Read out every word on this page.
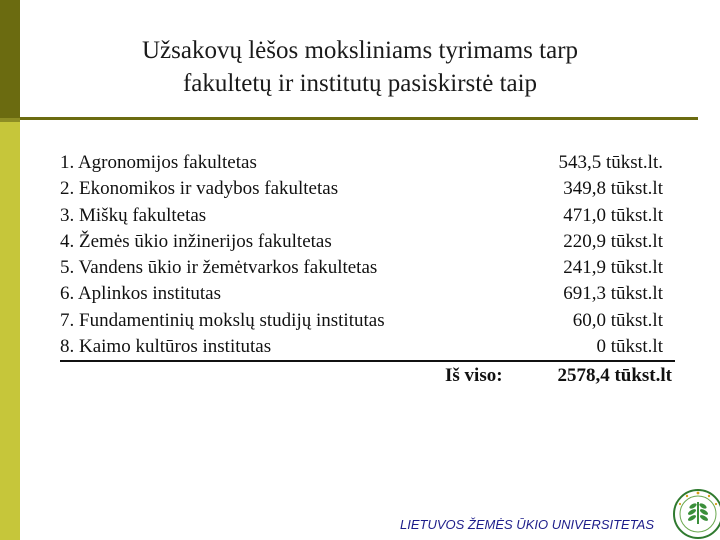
Užsakovų lėšos moksliniams tyrimams tarp
fakultetų ir institutų pasiskirstė taip
1. Agronomijos fakultetas	543,5 tūkst.lt.
2. Ekonomikos ir vadybos fakultetas	349,8 tūkst.lt
3. Miškų fakultetas	471,0 tūkst.lt
4. Žemės ūkio inžinerijos fakultetas	220,9 tūkst.lt
5. Vandens ūkio ir žemėtvarkos fakultetas	241,9 tūkst.lt
6. Aplinkos institutas	691,3 tūkst.lt
7. Fundamentinių mokslų studijų institutas	60,0 tūkst.lt
8. Kaimo kultūros institutas	0 tūkst.lt
Iš viso:	2578,4 tūkst.lt
LIETUVOS ŽEMĖS ŪKIO UNIVERSITETAS
